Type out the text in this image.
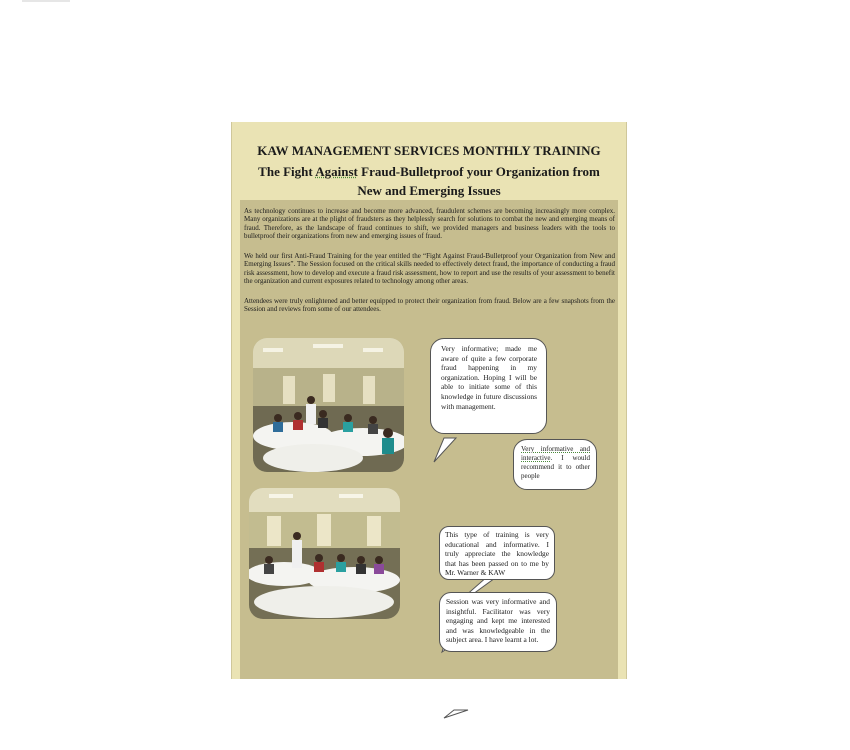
KAW MANAGEMENT SERVICES MONTHLY TRAINING
The Fight Against Fraud-Bulletproof your Organization from
New and Emerging Issues
As technology continues to increase and become more advanced, fraudulent schemes are becoming increasingly more complex. Many organizations are at the plight of fraudsters as they helplessly search for solutions to combat the new and emerging means of fraud. Therefore, as the landscape of fraud continues to shift, we provided managers and business leaders with the tools to bulletproof their organizations from new and emerging issues of fraud.
We held our first Anti-Fraud Training for the year entitled the “Fight Against Fraud-Bulletproof your Organization from New and Emerging Issues”. The Session focused on the critical skills needed to effectively detect fraud, the importance of conducting a fraud risk assessment, how to develop and execute a fraud risk assessment, how to report and use the results of your assessment to benefit the organization and current exposures related to technology among other areas.
Attendees were truly enlightened and better equipped to protect their organization from fraud. Below are a few snapshots from the Session and reviews from some of our attendees.
Very informative; made me aware of quite a few corporate fraud happening in my organization. Hoping I will be able to initiate some of this knowledge in future discussions with management.
Very informative and interactive. I would recommend it to other people
This type of training is very educational and informative. I truly appreciate the knowledge that has been passed on to me by Mr. Warner & KAW
Session was very informative and insightful. Facilitator was very engaging and kept me interested and was knowledgeable in the subject area. I have learnt a lot.
